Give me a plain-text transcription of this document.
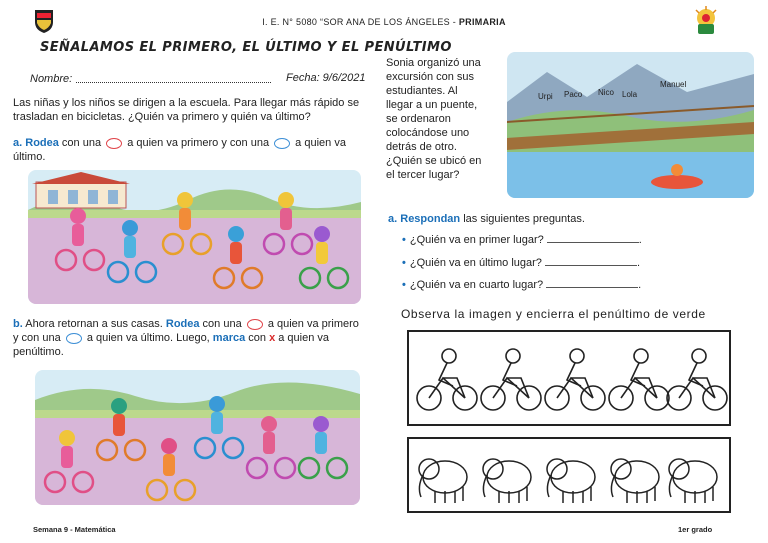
I. E. N° 5080 “SOR ANA DE LOS ÁNGELES - PRIMARIA
SEÑALAMOS EL PRIMERO, EL ÚLTIMO Y EL PENÚLTIMO
Nombre:	Fecha: 9/6/2021
Las niñas y los niños se dirigen a la escuela. Para llegar más rápido se trasladan en bicicletas. ¿Quién va primero y quién va último?
a. Rodea con una  a quien va primero y con una  a quien va último.
b. Ahora retornan a sus casas. Rodea con una  a quien va primero y con una  a quien va último. Luego, marca con x a quien va penúltimo.
Sonia organizó una excursión con sus estudiantes. Al llegar a un puente, se ordenaron colocándose uno detrás de otro. ¿Quién se ubicó en el tercer lugar?
Urpi Paco Nico Lola
Manuel
a. Respondan las siguientes preguntas.
• ¿Quién va en primer lugar?	.
• ¿Quién va en último lugar?	.
• ¿Quién va en cuarto lugar?	.
Observa la imagen y encierra el penúltimo de verde
Semana 9 - Matemática	1er grado
